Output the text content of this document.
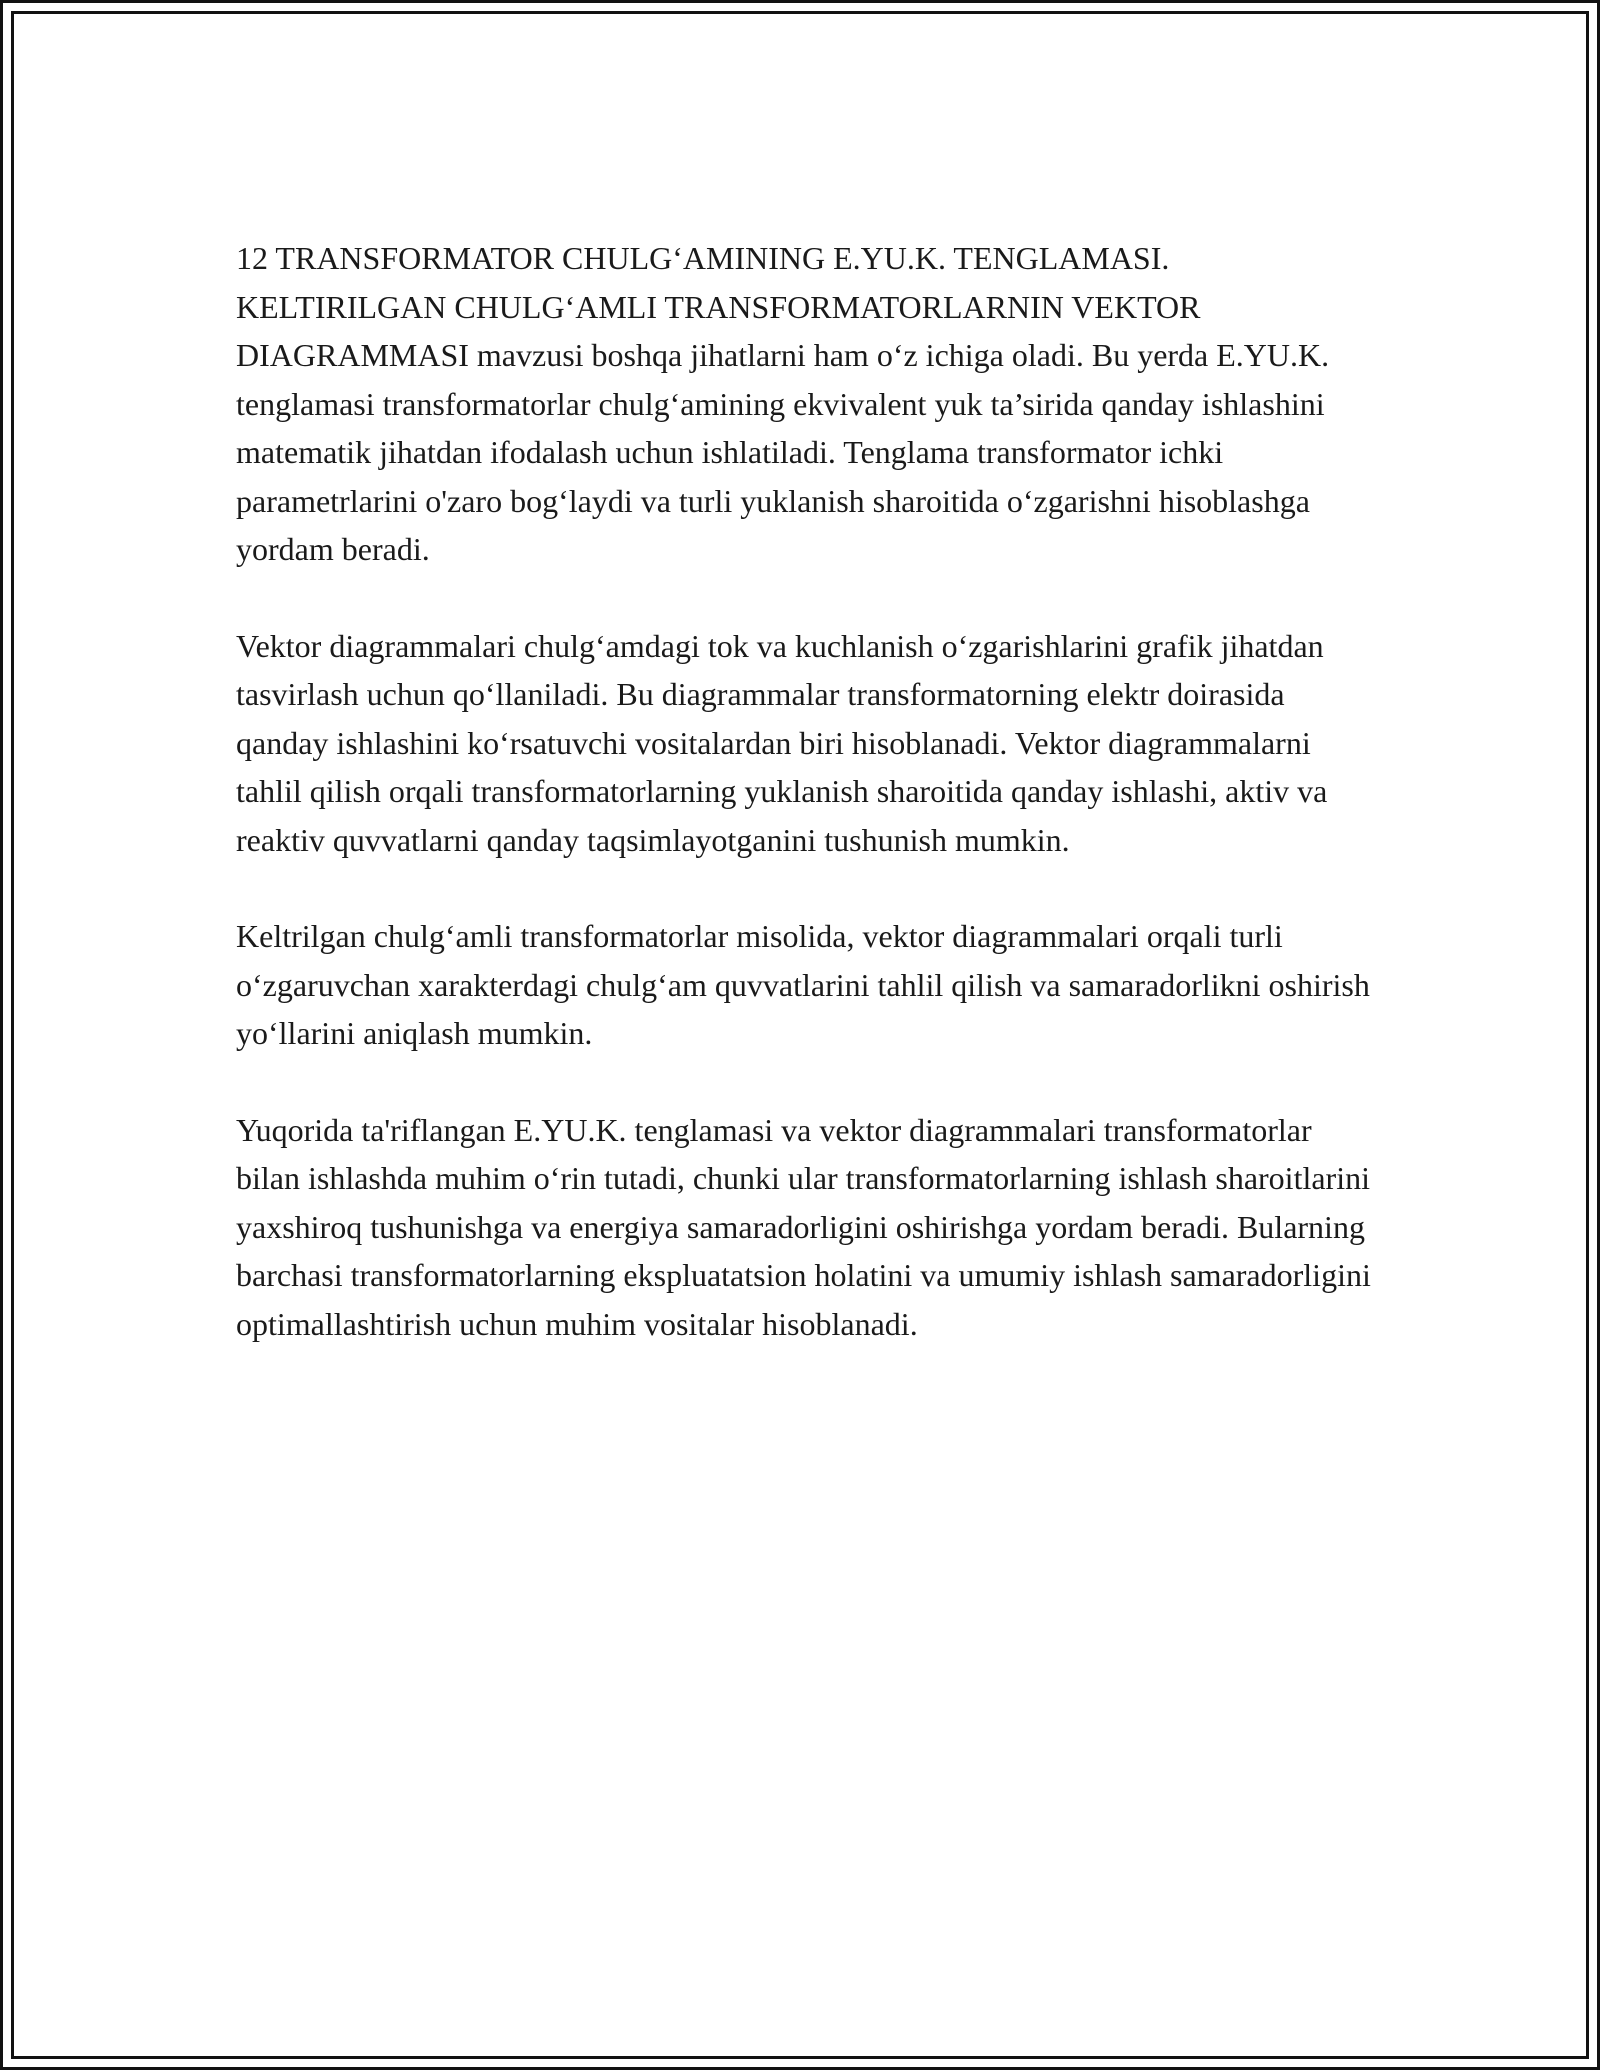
12 TRANSFORMATOR CHULG‘AMINING E.YU.K. TENGLAMASI. KELTIRILGAN CHULG‘AMLI TRANSFORMATORLARNIN VEKTOR DIAGRAMMASI mavzusi boshqa jihatlarni ham o‘z ichiga oladi. Bu yerda E.YU.K. tenglamasi transformatorlar chulg‘amining ekvivalent yuk ta’sirida qanday ishlashini matematik jihatdan ifodalash uchun ishlatiladi. Tenglama transformator ichki parametrlarini o'zaro bog‘laydi va turli yuklanish sharoitida o‘zgarishni hisoblashga yordam beradi.

Vektor diagrammalari chulg‘amdagi tok va kuchlanish o‘zgarishlarini grafik jihatdan tasvirlash uchun qo‘llaniladi. Bu diagrammalar transformatorning elektr doirasida qanday ishlashini ko‘rsatuvchi vositalardan biri hisoblanadi. Vektor diagrammalarni tahlil qilish orqali transformatorlarning yuklanish sharoitida qanday ishlashi, aktiv va reaktiv quvvatlarni qanday taqsimlayotganini tushunish mumkin.

Keltrilgan chulg‘amli transformatorlar misolida, vektor diagrammalari orqali turli o‘zgaruvchan xarakterdagi chulg‘am quvvatlarini tahlil qilish va samaradorlikni oshirish yo‘llarini aniqlash mumkin.

Yuqorida ta'riflangan E.YU.K. tenglamasi va vektor diagrammalari transformatorlar bilan ishlashda muhim o‘rin tutadi, chunki ular transformatorlarning ishlash sharoitlarini yaxshiroq tushunishga va energiya samaradorligini oshirishga yordam beradi. Bularning barchasi transformatorlarning ekspluatatsion holatini va umumiy ishlash samaradorligini optimallashtirish uchun muhim vositalar hisoblanadi.
